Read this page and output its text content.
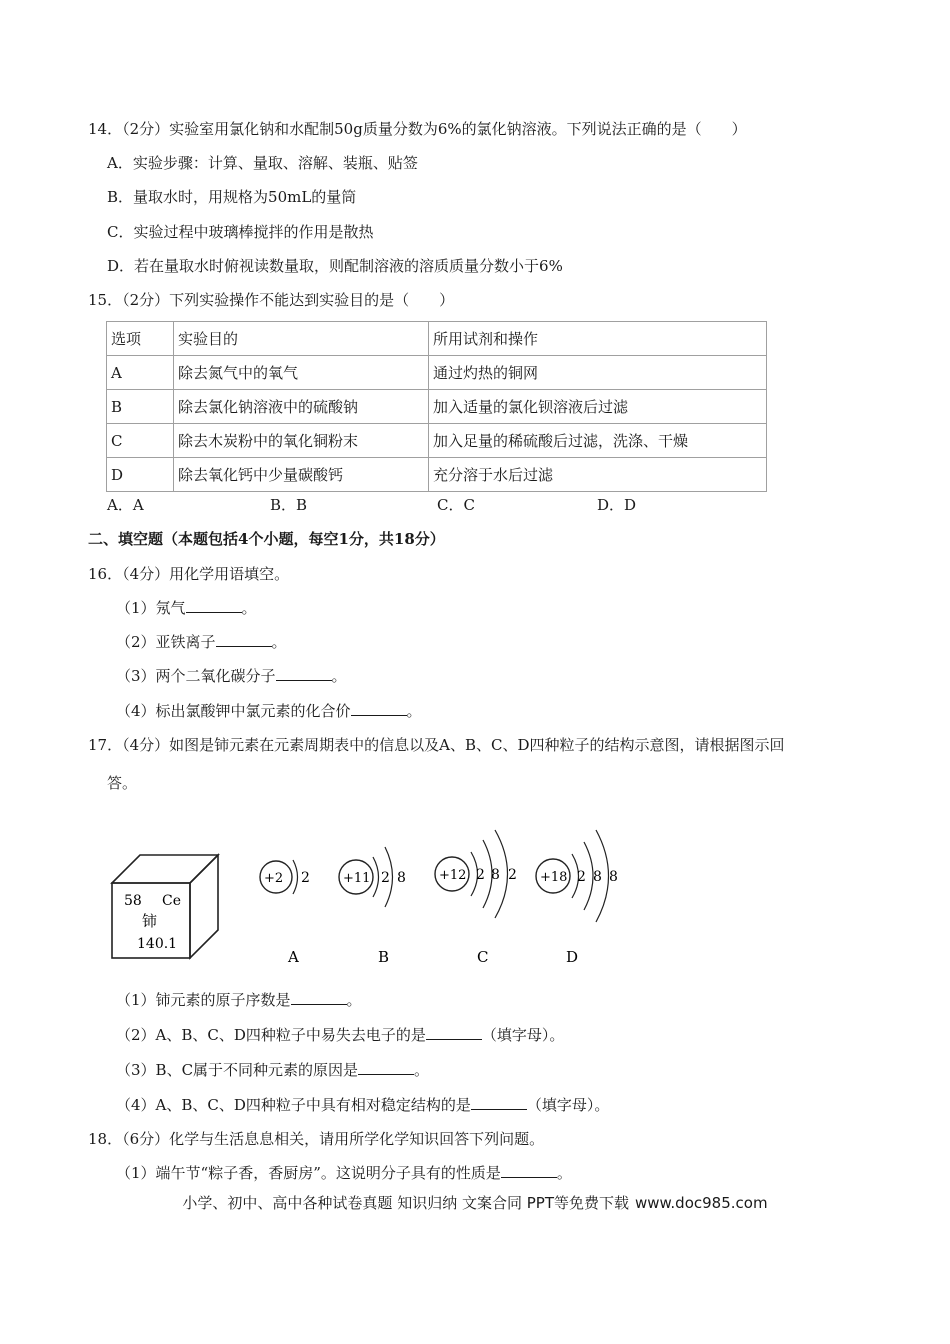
14．（2分）实验室用氯化钠和水配制50g质量分数为6%的氯化钠溶液。下列说法正确的是（　　）
A．实验步骤：计算、量取、溶解、装瓶、贴签
B．量取水时，用规格为50mL的量筒
C．实验过程中玻璃棒搅拌的作用是散热
D．若在量取水时俯视读数量取，则配制溶液的溶质质量分数小于6%
15．（2分）下列实验操作不能达到实验目的是（　　）
选项	实验目的	所用试剂和操作
A	除去氮气中的氧气	通过灼热的铜网
B	除去氯化钠溶液中的硫酸钠	加入适量的氯化钡溶液后过滤
C	除去木炭粉中的氧化铜粉末	加入足量的稀硫酸后过滤，洗涤、干燥
D	除去氧化钙中少量碳酸钙	充分溶于水后过滤
A．A	B．B	C．C	D．D
二、填空题（本题包括4个小题，每空1分，共18分）
16．（4分）用化学用语填空。
（1）氖气	。
（2）亚铁离子	。
（3）两个二氧化碳分子	。
（4）标出氯酸钾中氯元素的化合价	。
17．（4分）如图是铈元素在元素周期表中的信息以及A、B、C、D四种粒子的结构示意图，请根据图示回
答。
58 Ce
铈
140.1
+2 2
A
+11 2 8
B
+12 2 8 2
C
+18 2 8 8
D
（1）铈元素的原子序数是	。
（2）A、B、C、D四种粒子中易失去电子的是	（填字母）。
（3）B、C属于不同种元素的原因是	。
（4）A、B、C、D四种粒子中具有相对稳定结构的是	（填字母）。
18．（6分）化学与生活息息相关，请用所学化学知识回答下列问题。
（1）端午节“粽子香，香厨房”。这说明分子具有的性质是	。
小学、初中、高中各种试卷真题 知识归纳 文案合同 PPT等免费下载 www.doc985.com
